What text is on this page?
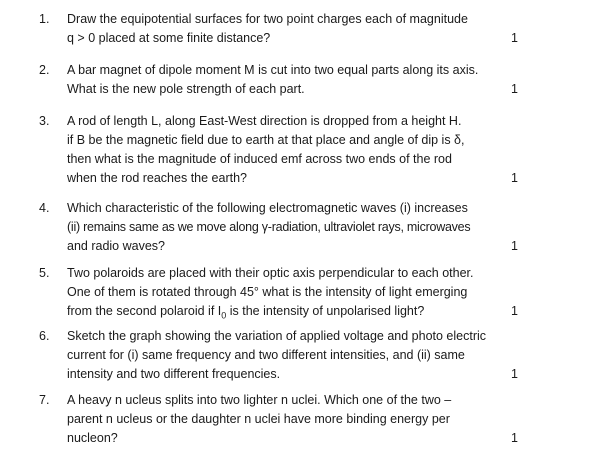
1. Draw the equipotential surfaces for two point charges each of magnitude
q > 0 placed at some finite distance?	1
2. A bar magnet of dipole moment M is cut into two equal parts along its axis.
What is the new pole strength of each part.	1
3. A rod of length L, along East-West direction is dropped from a height H.
if B be the magnetic field due to earth at that place and angle of dip is δ,
then what is the magnitude of induced emf across two ends of the rod
when the rod reaches the earth?	1
4. Which characteristic of the following electromagnetic waves (i) increases
(ii) remains same as we move along γ-radiation, ultraviolet rays, microwaves
and radio waves?	1
5. Two polaroids are placed with their optic axis perpendicular to each other.
One of them is rotated through 45° what is the intensity of light emerging
from the second polaroid if $I_0$ is the intensity of unpolarised light?	1
6. Sketch the graph showing the variation of applied voltage and photo electric
current for (i) same frequency and two different intensities, and (ii) same
intensity and two different frequencies.	1
7. A heavy n ucleus splits into two lighter n uclei. Which one of the two –
parent n ucleus or the daughter n uclei have more binding energy per
nucleon?	1
